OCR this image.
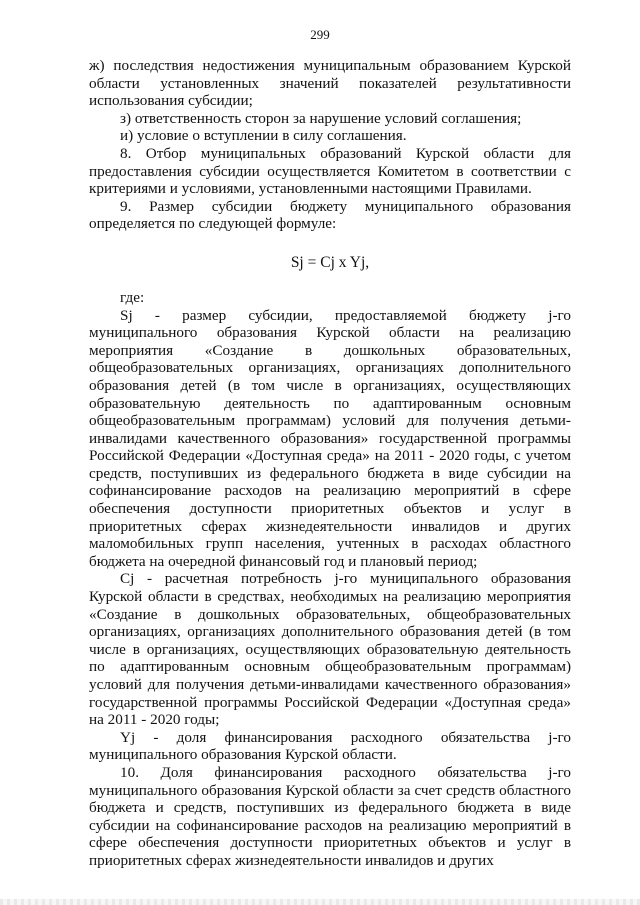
299

ж) последствия недостижения муниципальным образованием Курской области установленных значений показателей результативности использования субсидии;

з) ответственность сторон за нарушение условий соглашения;

и) условие о вступлении в силу соглашения.

8. Отбор муниципальных образований Курской области для предоставления субсидии осуществляется Комитетом в соответствии с критериями и условиями, установленными настоящими Правилами.

9. Размер субсидии бюджету муниципального образования определяется по следующей формуле:

Sj = Cj x Yj,

где:

Sj - размер субсидии, предоставляемой бюджету j-го муниципального образования Курской области на реализацию мероприятия «Создание в дошкольных образовательных, общеобразовательных организациях, организациях дополнительного образования детей (в том числе в организациях, осуществляющих образовательную деятельность по адаптированным основным общеобразовательным программам) условий для получения детьми-инвалидами качественного образования» государственной программы Российской Федерации «Доступная среда» на 2011 - 2020 годы, с учетом средств, поступивших из федерального бюджета в виде субсидии на софинансирование расходов на реализацию мероприятий в сфере обеспечения доступности приоритетных объектов и услуг в приоритетных сферах жизнедеятельности инвалидов и других маломобильных групп населения, учтенных в расходах областного бюджета на очередной финансовый год и плановый период;

Cj - расчетная потребность j-го муниципального образования Курской области в средствах, необходимых на реализацию мероприятия «Создание в дошкольных образовательных, общеобразовательных организациях, организациях дополнительного образования детей (в том числе в организациях, осуществляющих образовательную деятельность по адаптированным основным общеобразовательным программам) условий для получения детьми-инвалидами качественного образования» государственной программы Российской Федерации «Доступная среда» на 2011 - 2020 годы;

Yj - доля финансирования расходного обязательства j-го муниципального образования Курской области.

10. Доля финансирования расходного обязательства j-го муниципального образования Курской области за счет средств областного бюджета и средств, поступивших из федерального бюджета в виде субсидии на софинансирование расходов на реализацию мероприятий в сфере обеспечения доступности приоритетных объектов и услуг в приоритетных сферах жизнедеятельности инвалидов и других
